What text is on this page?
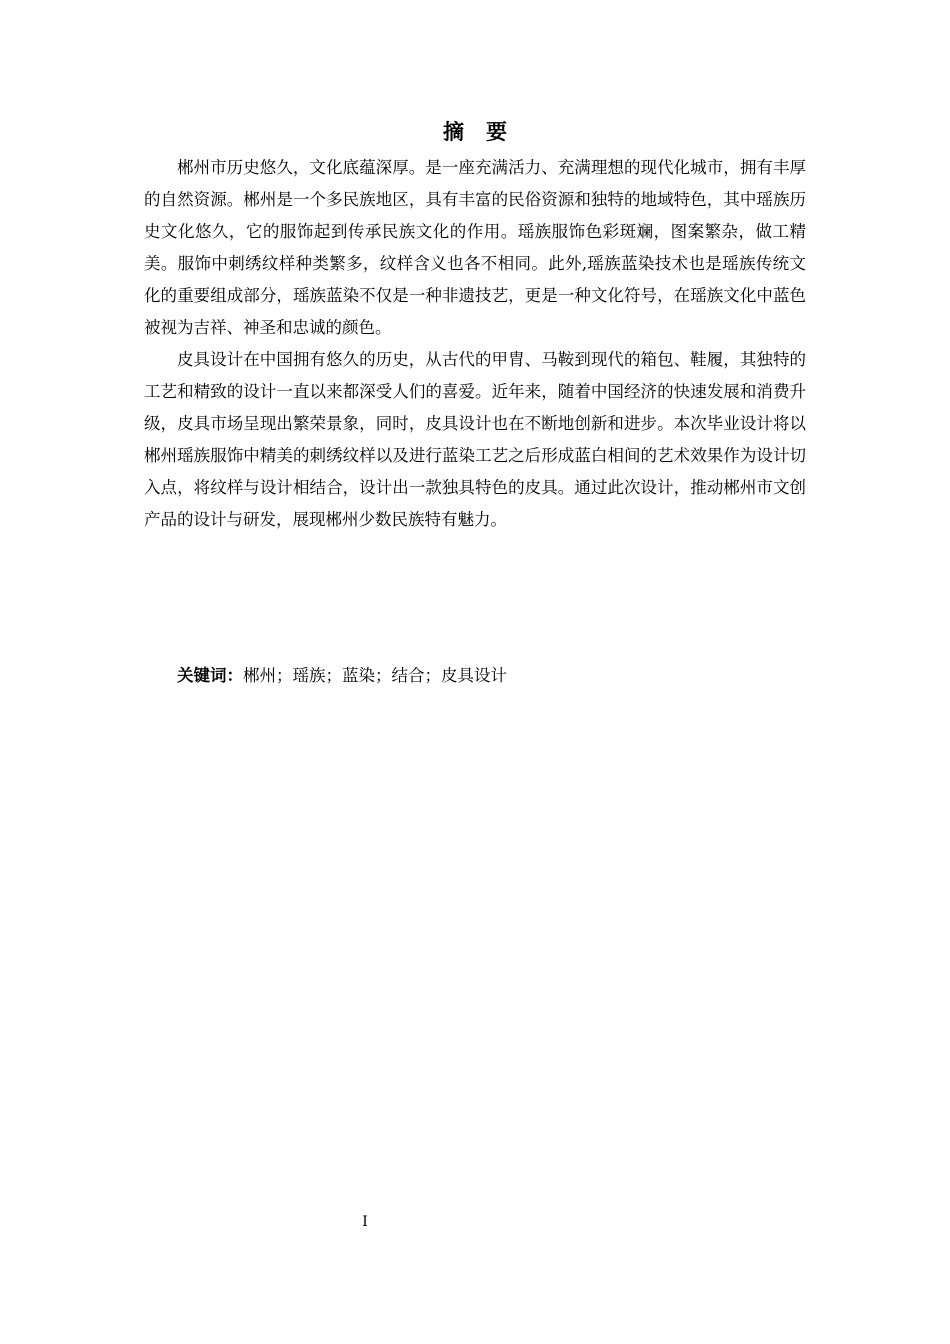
摘 要

郴州市历史悠久，文化底蕴深厚。是一座充满活力、充满理想的现代化城市，拥有丰厚的自然资源。郴州是一个多民族地区，具有丰富的民俗资源和独特的地域特色，其中瑶族历史文化悠久，它的服饰起到传承民族文化的作用。瑶族服饰色彩斑斓，图案繁杂，做工精美。服饰中刺绣纹样种类繁多，纹样含义也各不相同。此外,瑶族蓝染技术也是瑶族传统文化的重要组成部分，瑶族蓝染不仅是一种非遗技艺，更是一种文化符号，在瑶族文化中蓝色被视为吉祥、神圣和忠诚的颜色。

皮具设计在中国拥有悠久的历史，从古代的甲胄、马鞍到现代的箱包、鞋履，其独特的工艺和精致的设计一直以来都深受人们的喜爱。近年来，随着中国经济的快速发展和消费升级，皮具市场呈现出繁荣景象，同时，皮具设计也在不断地创新和进步。本次毕业设计将以郴州瑶族服饰中精美的刺绣纹样以及进行蓝染工艺之后形成蓝白相间的艺术效果作为设计切入点，将纹样与设计相结合，设计出一款独具特色的皮具。通过此次设计，推动郴州市文创产品的设计与研发，展现郴州少数民族特有魅力。

关键词：郴州；瑶族；蓝染；结合；皮具设计
I
